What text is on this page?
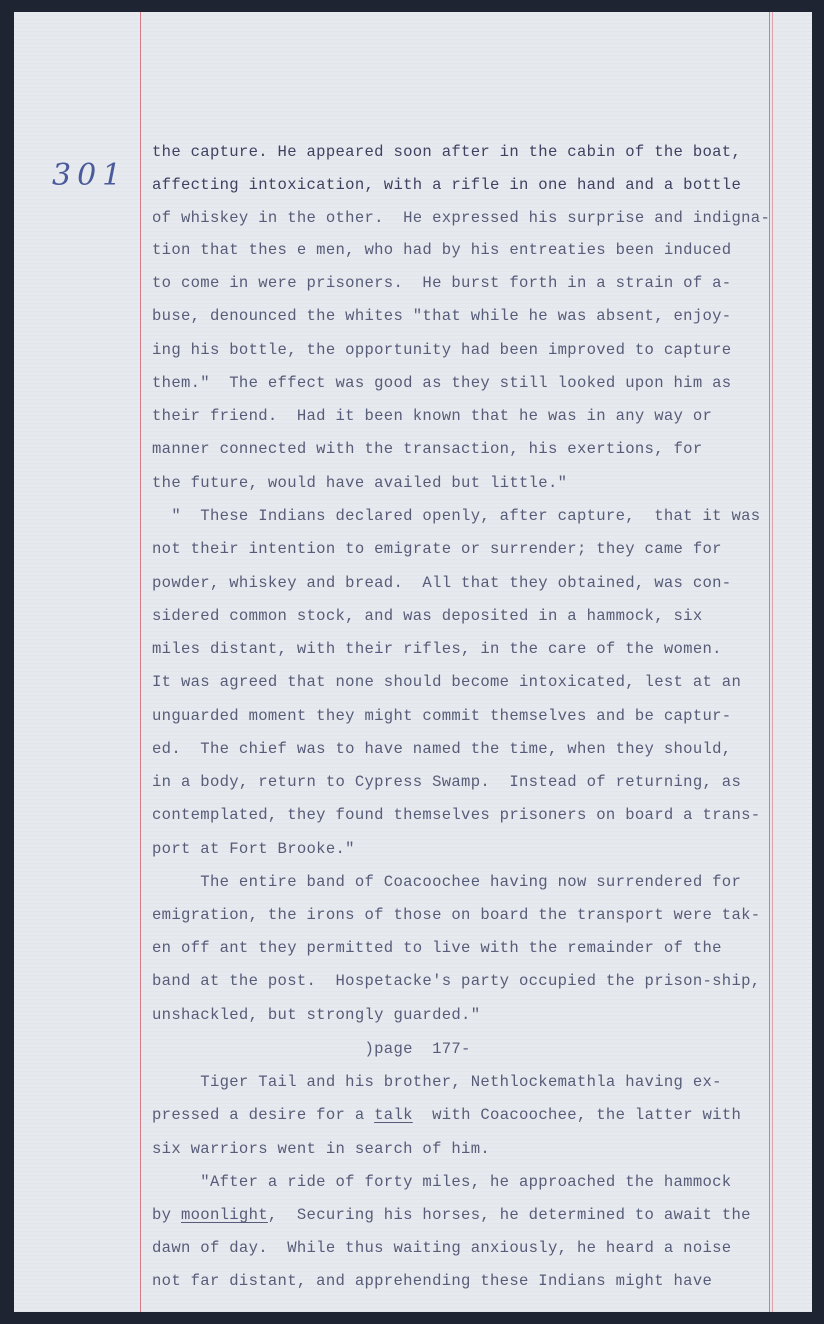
301

the capture. He appeared soon after in the cabin of the boat,

affecting intoxication, with a rifle in one hand and a bottle

of whiskey in the other.  He expressed his surprise and indigna-

tion that thes e men, who had by his entreaties been induced

to come in were prisoners.  He burst forth in a strain of a-

buse, denounced the whites "that while he was absent, enjoy-

ing his bottle, the opportunity had been improved to capture

them."  The effect was good as they still looked upon him as

their friend.  Had it been known that he was in any way or

manner connected with the transaction, his exertions, for

the future, would have availed but little."

"  These Indians declared openly, after capture,  that it was

not their intention to emigrate or surrender; they came for

powder, whiskey and bread.  All that they obtained, was con-

sidered common stock, and was deposited in a hammock, six

miles distant, with their rifles, in the care of the women.

It was agreed that none should become intoxicated, lest at an

unguarded moment they might commit themselves and be captur-

ed.  The chief was to have named the time, when they should,

in a body, return to Cypress Swamp.  Instead of returning, as

contemplated, they found themselves prisoners on board a trans-

port at Fort Brooke."

The entire band of Coacoochee having now surrendered for

emigration, the irons of those on board the transport were tak-

en off ant they permitted to live with the remainder of the

band at the post.  Hospetacke's party occupied the prison-ship,

unshackled, but strongly guarded."

)page  177-

Tiger Tail and his brother, Nethlockemathla having ex-

pressed a desire for a talk  with Coacoochee, the latter with

six warriors went in search of him.

"After a ride of forty miles, he approached the hammock

by moonlight,  Securing his horses, he determined to await the

dawn of day.  While thus waiting anxiously, he heard a noise

not far distant, and apprehending these Indians might have
